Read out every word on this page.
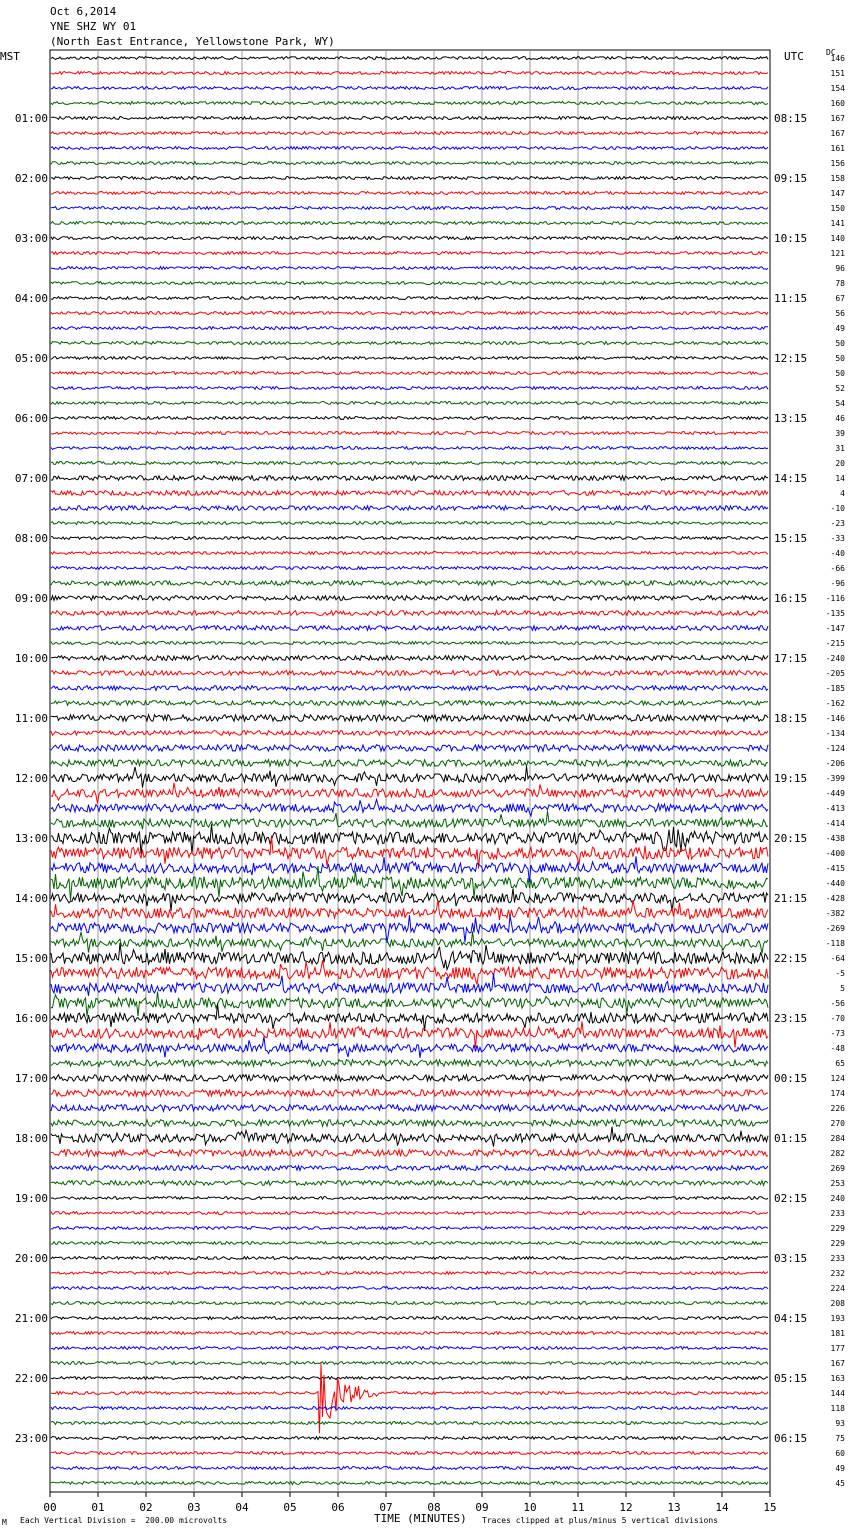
Oct 6,2014
YNE SHZ WY 01
(North East Entrance, Yellowstone Park, WY)
MST	UTC	DC
00	01	02	03	04	05	06	07	08	09	10	11	12	13	14	15
146
151
154
160
167
167
161
156
158
147
150
141
140
121
96
78
67
56
49
50
50
50
52
54
46
39
31
20
14
4
-10
-23
-33
-40
-66
-96
-116
-135
-147
-215
-240
-205
-185
-162
-146
-134
-124
-206
-399
-449
-413
-414
-438
-400
-415
-440
-428
-382
-269
-118
-64
-5
5
-56
-70
-73
-48
65
124
174
226
270
284
282
269
253
240
233
229
229
233
232
224
208
193
181
177
167
163
144
118
93
75
60
49
45
01:00
02:00
03:00
04:00
05:00
06:00
07:00
08:00
09:00
10:00
11:00
12:00
13:00
14:00
15:00
16:00
17:00
18:00
19:00
20:00
21:00
22:00
23:00
08:15
09:15
10:15
11:15
12:15
13:15
14:15
15:15
16:15
17:15
18:15
19:15
20:15
21:15
22:15
23:15
00:15
01:15
02:15
03:15
04:15
05:15
06:15
TIME (MINUTES)
M Each Vertical Division =  200.00 microvolts	Traces clipped at plus/minus 5 vertical divisions
